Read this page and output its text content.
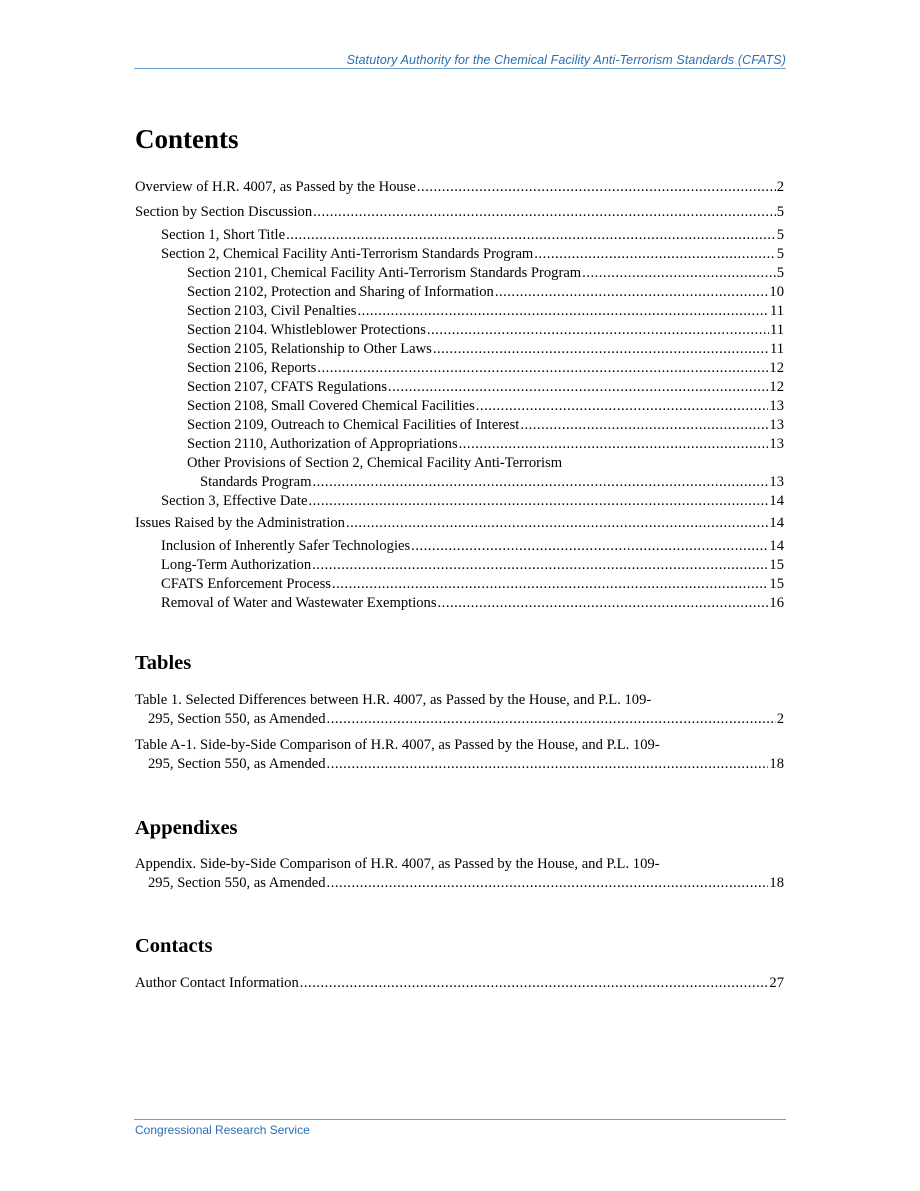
Statutory Authority for the Chemical Facility Anti-Terrorism Standards (CFATS)
Contents
Overview of H.R. 4007, as Passed by the House .....	2
Section by Section Discussion .....	5
Section 1, Short Title .....	5
Section 2, Chemical Facility Anti-Terrorism Standards Program .....	5
Section 2101, Chemical Facility Anti-Terrorism Standards Program .....	5
Section 2102, Protection and Sharing of Information .....	10
Section 2103, Civil Penalties .....	11
Section 2104. Whistleblower Protections .....	11
Section 2105, Relationship to Other Laws .....	11
Section 2106, Reports .....	12
Section 2107, CFATS Regulations .....	12
Section 2108, Small Covered Chemical Facilities .....	13
Section 2109, Outreach to Chemical Facilities of Interest .....	13
Section 2110, Authorization of Appropriations .....	13
Other Provisions of Section 2, Chemical Facility Anti-Terrorism
Standards Program .....	13
Section 3, Effective Date .....	14
Issues Raised by the Administration .....	14
Inclusion of Inherently Safer Technologies .....	14
Long-Term Authorization .....	15
CFATS Enforcement Process .....	15
Removal of Water and Wastewater Exemptions .....	16
Tables
Table 1. Selected Differences between H.R. 4007, as Passed by the House, and P.L. 109-
295, Section 550, as Amended .....	2
Table A-1. Side-by-Side Comparison of H.R. 4007, as Passed by the House, and P.L. 109-
295, Section 550, as Amended .....	18
Appendixes
Appendix. Side-by-Side Comparison of H.R. 4007, as Passed by the House, and P.L. 109-
295, Section 550, as Amended .....	18
Contacts
Author Contact Information .....	27
Congressional Research Service
